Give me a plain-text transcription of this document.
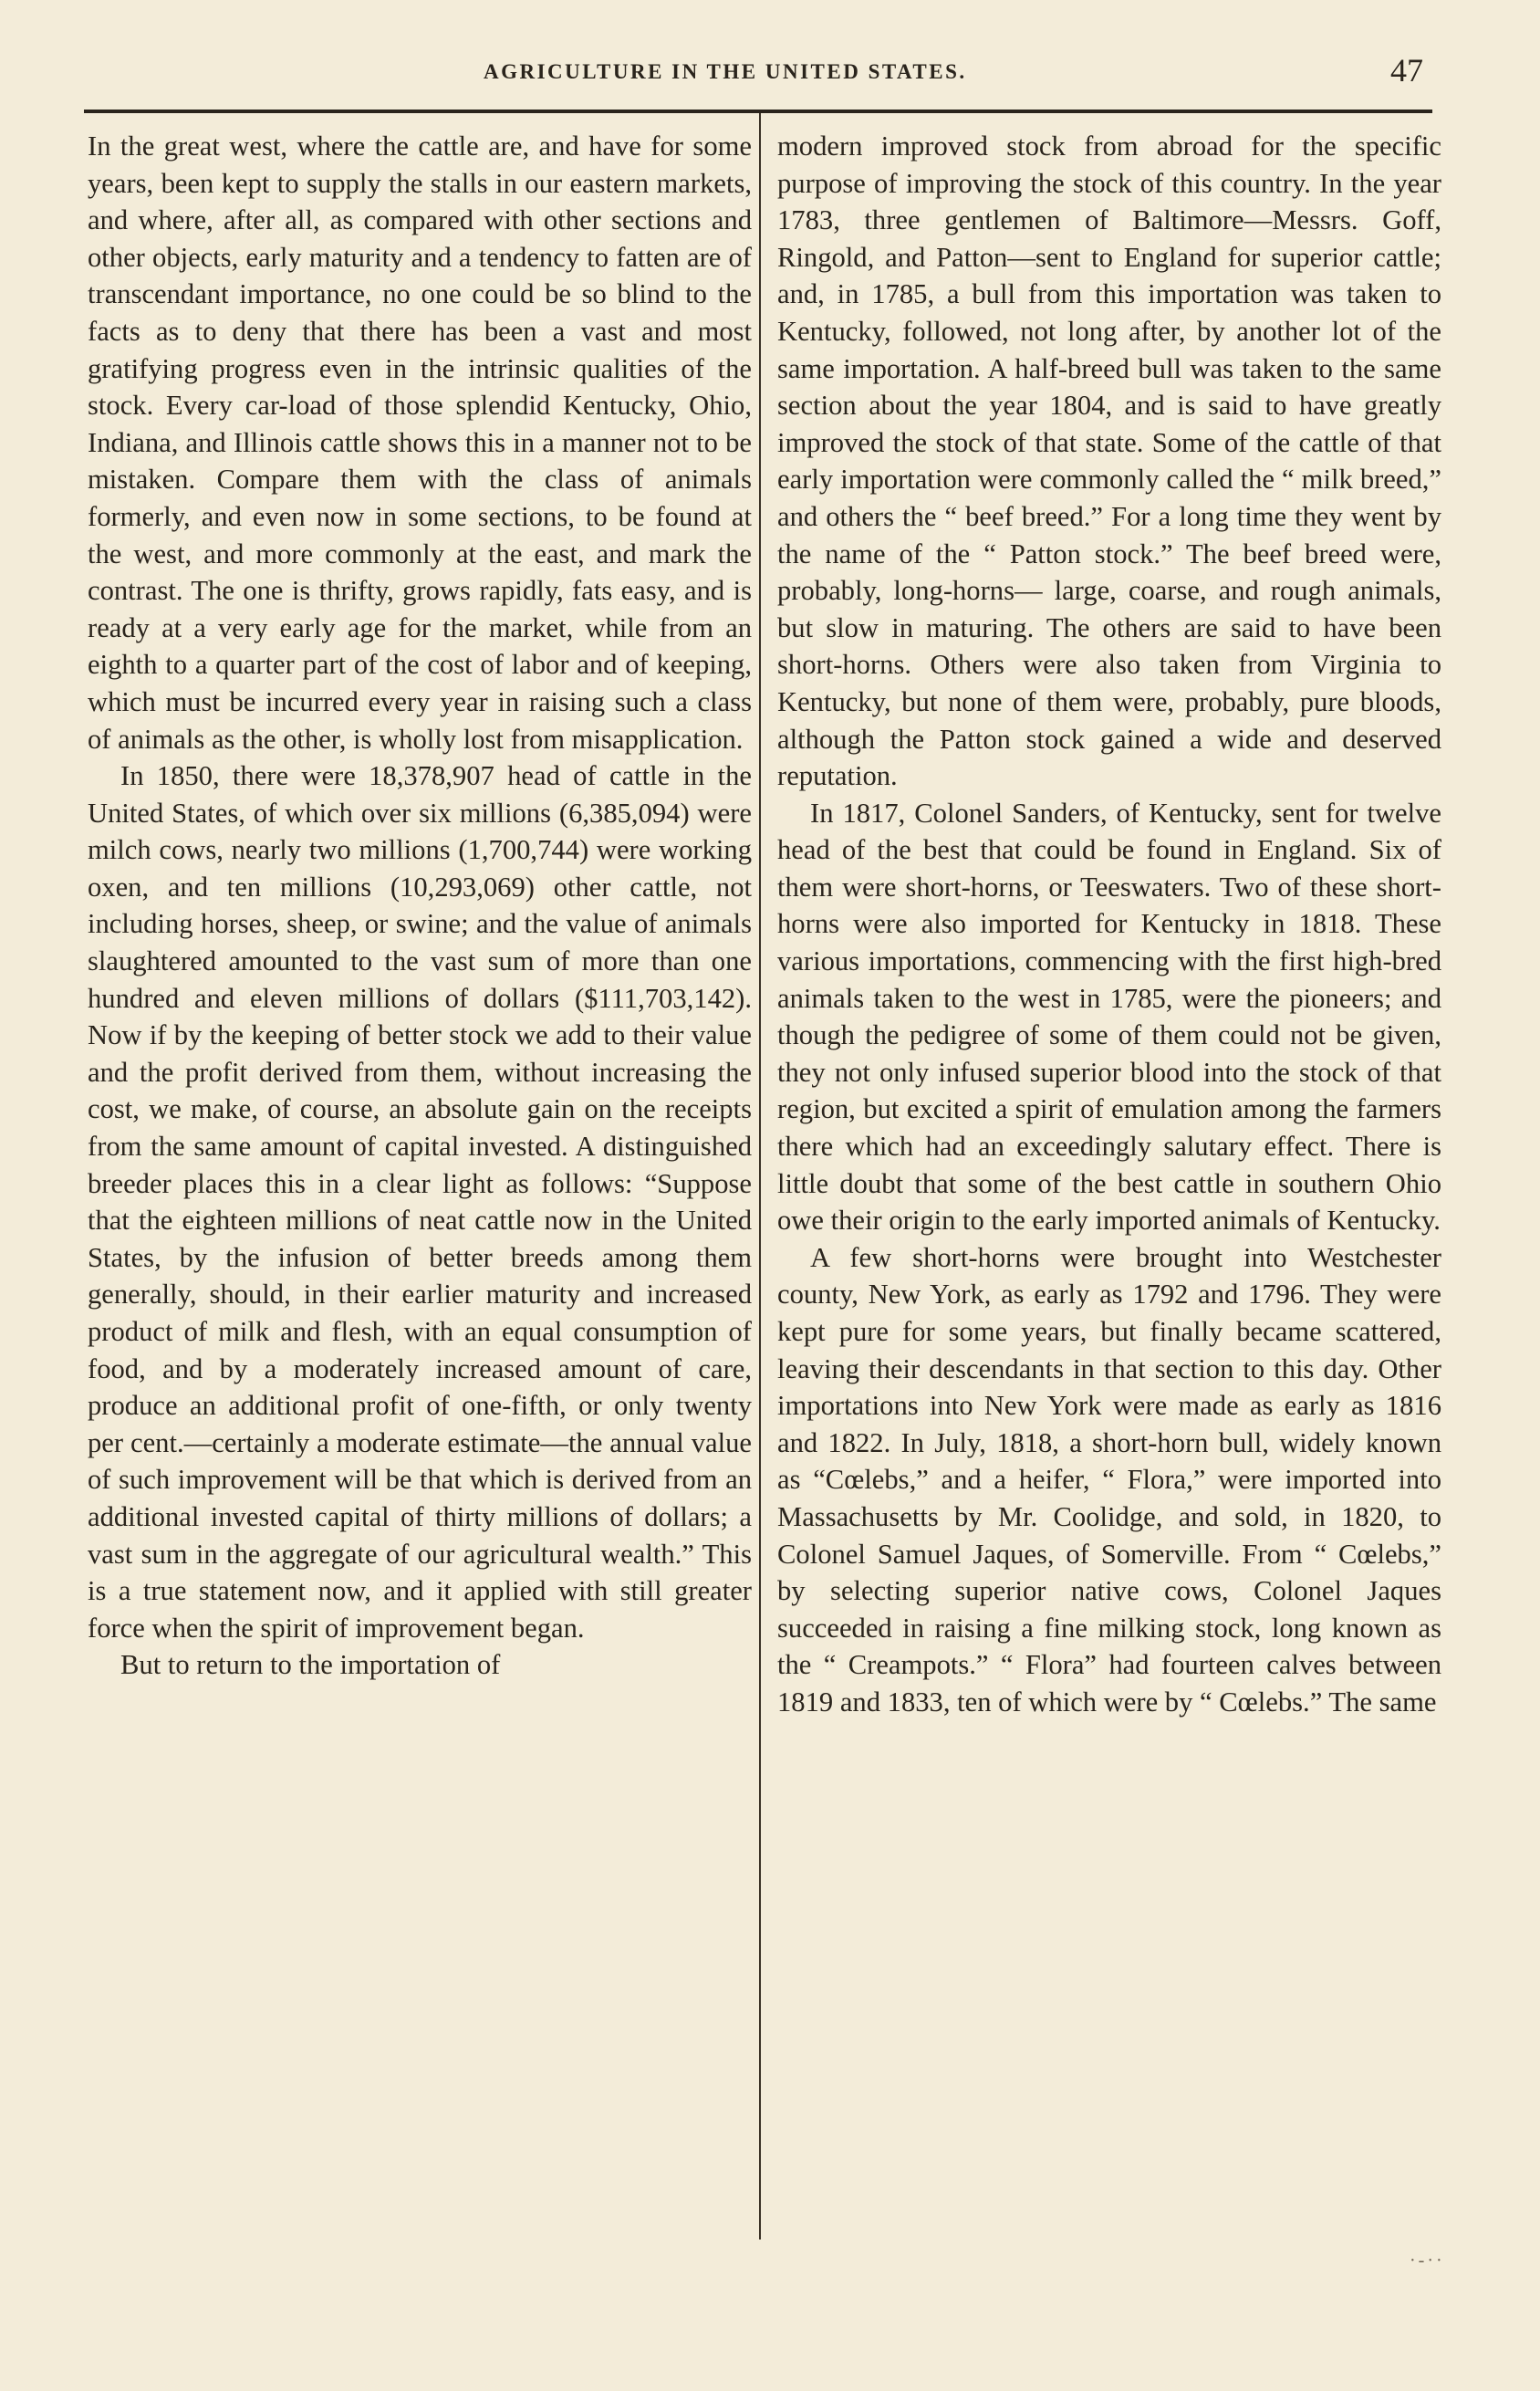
AGRICULTURE IN THE UNITED STATES.	47

In the great west, where the cattle are, and have for some years, been kept to supply the stalls in our eastern markets, and where, after all, as compared with other sections and other objects, early maturity and a tendency to fatten are of transcendant importance, no one could be so blind to the facts as to deny that there has been a vast and most gratifying progress even in the intrinsic qualities of the stock. Every car-load of those splendid Kentucky, Ohio, Indiana, and Illinois cattle shows this in a manner not to be mistaken. Compare them with the class of animals formerly, and even now in some sections, to be found at the west, and more commonly at the east, and mark the contrast. The one is thrifty, grows rapidly, fats easy, and is ready at a very early age for the market, while from an eighth to a quarter part of the cost of labor and of keeping, which must be incurred every year in raising such a class of animals as the other, is wholly lost from misapplication.

In 1850, there were 18,378,907 head of cattle in the United States, of which over six millions (6,385,094) were milch cows, nearly two millions (1,700,744) were working oxen, and ten millions (10,293,069) other cattle, not including horses, sheep, or swine; and the value of animals slaughtered amounted to the vast sum of more than one hundred and eleven millions of dollars ($111,703,142). Now if by the keeping of better stock we add to their value and the profit derived from them, without increasing the cost, we make, of course, an absolute gain on the receipts from the same amount of capital invested. A distinguished breeder places this in a clear light as follows: “Suppose that the eighteen millions of neat cattle now in the United States, by the infusion of better breeds among them generally, should, in their earlier maturity and increased product of milk and flesh, with an equal consumption of food, and by a moderately increased amount of care, produce an additional profit of one-fifth, or only twenty per cent.—certainly a moderate estimate—the annual value of such improvement will be that which is derived from an additional invested capital of thirty millions of dollars; a vast sum in the aggregate of our agricultural wealth.” This is a true statement now, and it applied with still greater force when the spirit of improvement began.

But to return to the importation of

modern improved stock from abroad for the specific purpose of improving the stock of this country. In the year 1783, three gentlemen of Baltimore—Messrs. Goff, Ringold, and Patton—sent to England for superior cattle; and, in 1785, a bull from this importation was taken to Kentucky, followed, not long after, by another lot of the same importation. A half-breed bull was taken to the same section about the year 1804, and is said to have greatly improved the stock of that state. Some of the cattle of that early importation were commonly called the “ milk breed,” and others the “ beef breed.” For a long time they went by the name of the “ Patton stock.” The beef breed were, probably, long-horns— large, coarse, and rough animals, but slow in maturing. The others are said to have been short-horns. Others were also taken from Virginia to Kentucky, but none of them were, probably, pure bloods, although the Patton stock gained a wide and deserved reputation.

In 1817, Colonel Sanders, of Kentucky, sent for twelve head of the best that could be found in England. Six of them were short-horns, or Teeswaters. Two of these short-horns were also imported for Kentucky in 1818. These various importations, commencing with the first high-bred animals taken to the west in 1785, were the pioneers; and though the pedigree of some of them could not be given, they not only infused superior blood into the stock of that region, but excited a spirit of emulation among the farmers there which had an exceedingly salutary effect. There is little doubt that some of the best cattle in southern Ohio owe their origin to the early imported animals of Kentucky.

A few short-horns were brought into Westchester county, New York, as early as 1792 and 1796. They were kept pure for some years, but finally became scattered, leaving their descendants in that section to this day. Other importations into New York were made as early as 1816 and 1822. In July, 1818, a short-horn bull, widely known as “Cœlebs,” and a heifer, “ Flora,” were imported into Massachusetts by Mr. Coolidge, and sold, in 1820, to Colonel Samuel Jaques, of Somerville. From “ Cœlebs,” by selecting superior native cows, Colonel Jaques succeeded in raising a fine milking stock, long known as the “ Creampots.” “ Flora” had fourteen calves between 1819 and 1833, ten of which were by “ Cœlebs.” The same

·-··
